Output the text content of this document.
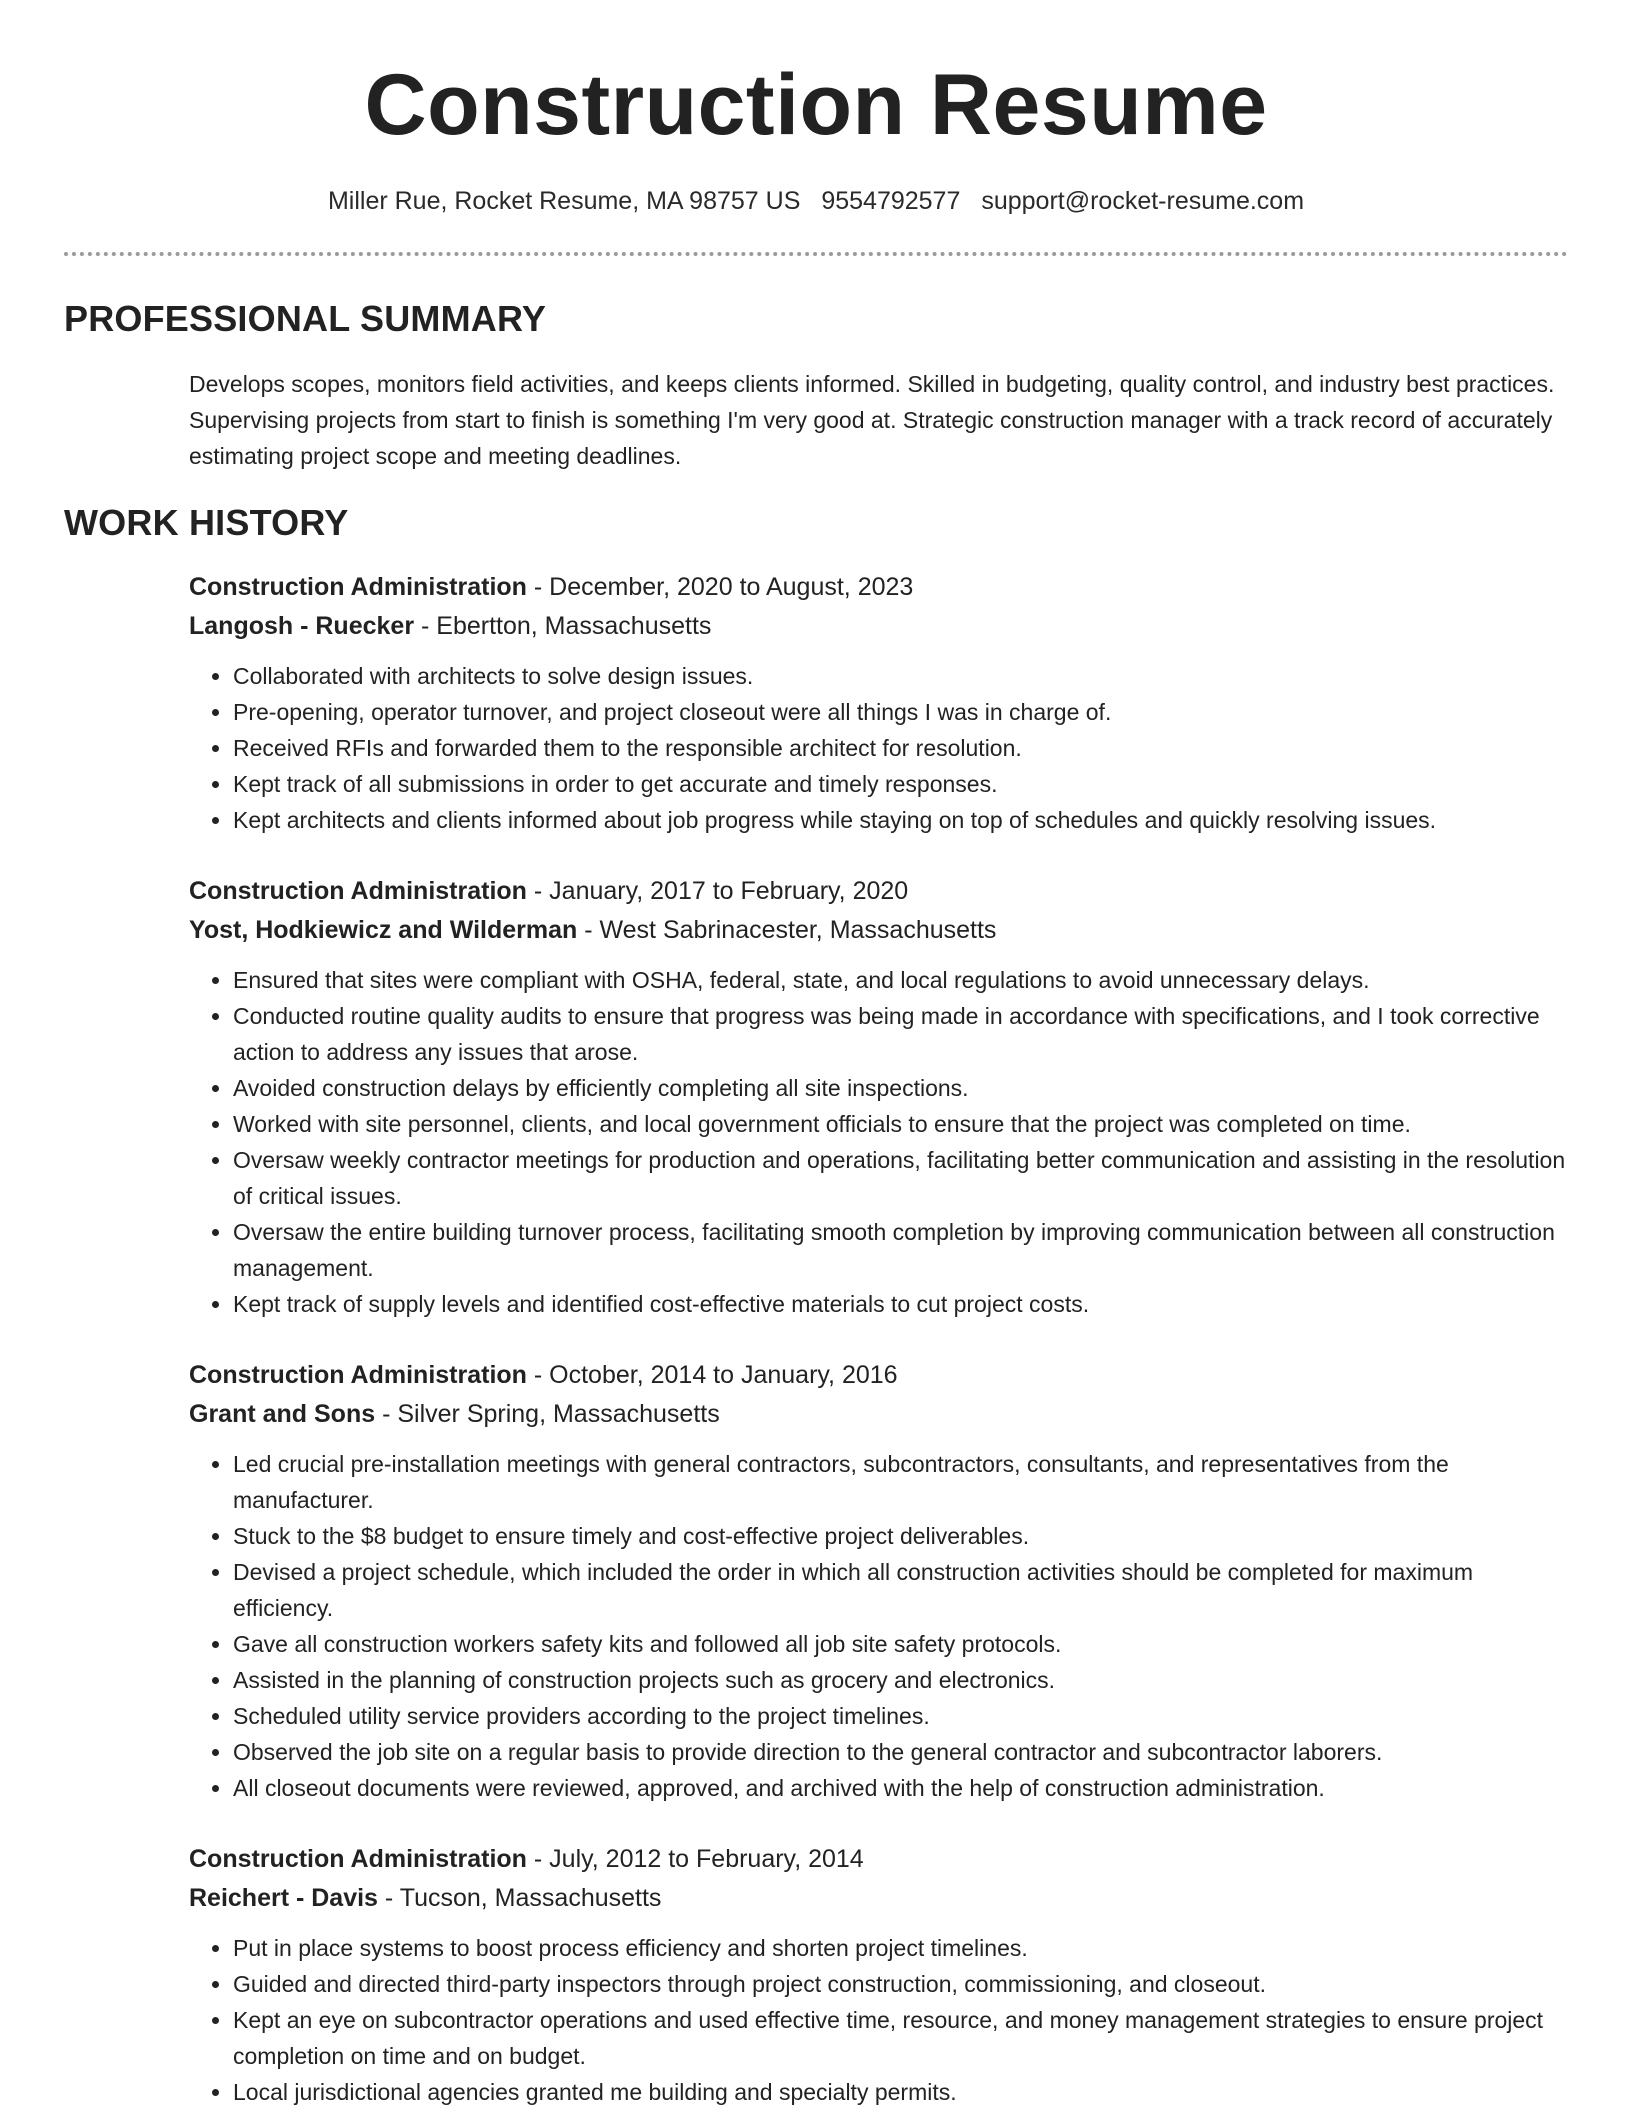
Construction Resume
Miller Rue, Rocket Resume, MA 98757 US 9554792577 support@rocket-resume.com
PROFESSIONAL SUMMARY

Develops scopes, monitors field activities, and keeps clients informed. Skilled in budgeting, quality control, and industry best practices. Supervising projects from start to finish is something I'm very good at. Strategic construction manager with a track record of accurately estimating project scope and meeting deadlines.

WORK HISTORY
Construction Administration - December, 2020 to August, 2023
Langosh - Ruecker - Ebertton, Massachusetts
• Collaborated with architects to solve design issues.
• Pre-opening, operator turnover, and project closeout were all things I was in charge of.
• Received RFIs and forwarded them to the responsible architect for resolution.
• Kept track of all submissions in order to get accurate and timely responses.
• Kept architects and clients informed about job progress while staying on top of schedules and quickly resolving issues.
Construction Administration - January, 2017 to February, 2020
Yost, Hodkiewicz and Wilderman - West Sabrinacester, Massachusetts
• Ensured that sites were compliant with OSHA, federal, state, and local regulations to avoid unnecessary delays.
• Conducted routine quality audits to ensure that progress was being made in accordance with specifications, and I took corrective action to address any issues that arose.
• Avoided construction delays by efficiently completing all site inspections.
• Worked with site personnel, clients, and local government officials to ensure that the project was completed on time.
• Oversaw weekly contractor meetings for production and operations, facilitating better communication and assisting in the resolution of critical issues.
• Oversaw the entire building turnover process, facilitating smooth completion by improving communication between all construction management.
• Kept track of supply levels and identified cost-effective materials to cut project costs.
Construction Administration - October, 2014 to January, 2016
Grant and Sons - Silver Spring, Massachusetts
• Led crucial pre-installation meetings with general contractors, subcontractors, consultants, and representatives from the manufacturer.
• Stuck to the $8 budget to ensure timely and cost-effective project deliverables.
• Devised a project schedule, which included the order in which all construction activities should be completed for maximum efficiency.
• Gave all construction workers safety kits and followed all job site safety protocols.
• Assisted in the planning of construction projects such as grocery and electronics.
• Scheduled utility service providers according to the project timelines.
• Observed the job site on a regular basis to provide direction to the general contractor and subcontractor laborers.
• All closeout documents were reviewed, approved, and archived with the help of construction administration.
Construction Administration - July, 2012 to February, 2014
Reichert - Davis - Tucson, Massachusetts
• Put in place systems to boost process efficiency and shorten project timelines.
• Guided and directed third-party inspectors through project construction, commissioning, and closeout.
• Kept an eye on subcontractor operations and used effective time, resource, and money management strategies to ensure project completion on time and on budget.
• Local jurisdictional agencies granted me building and specialty permits.
